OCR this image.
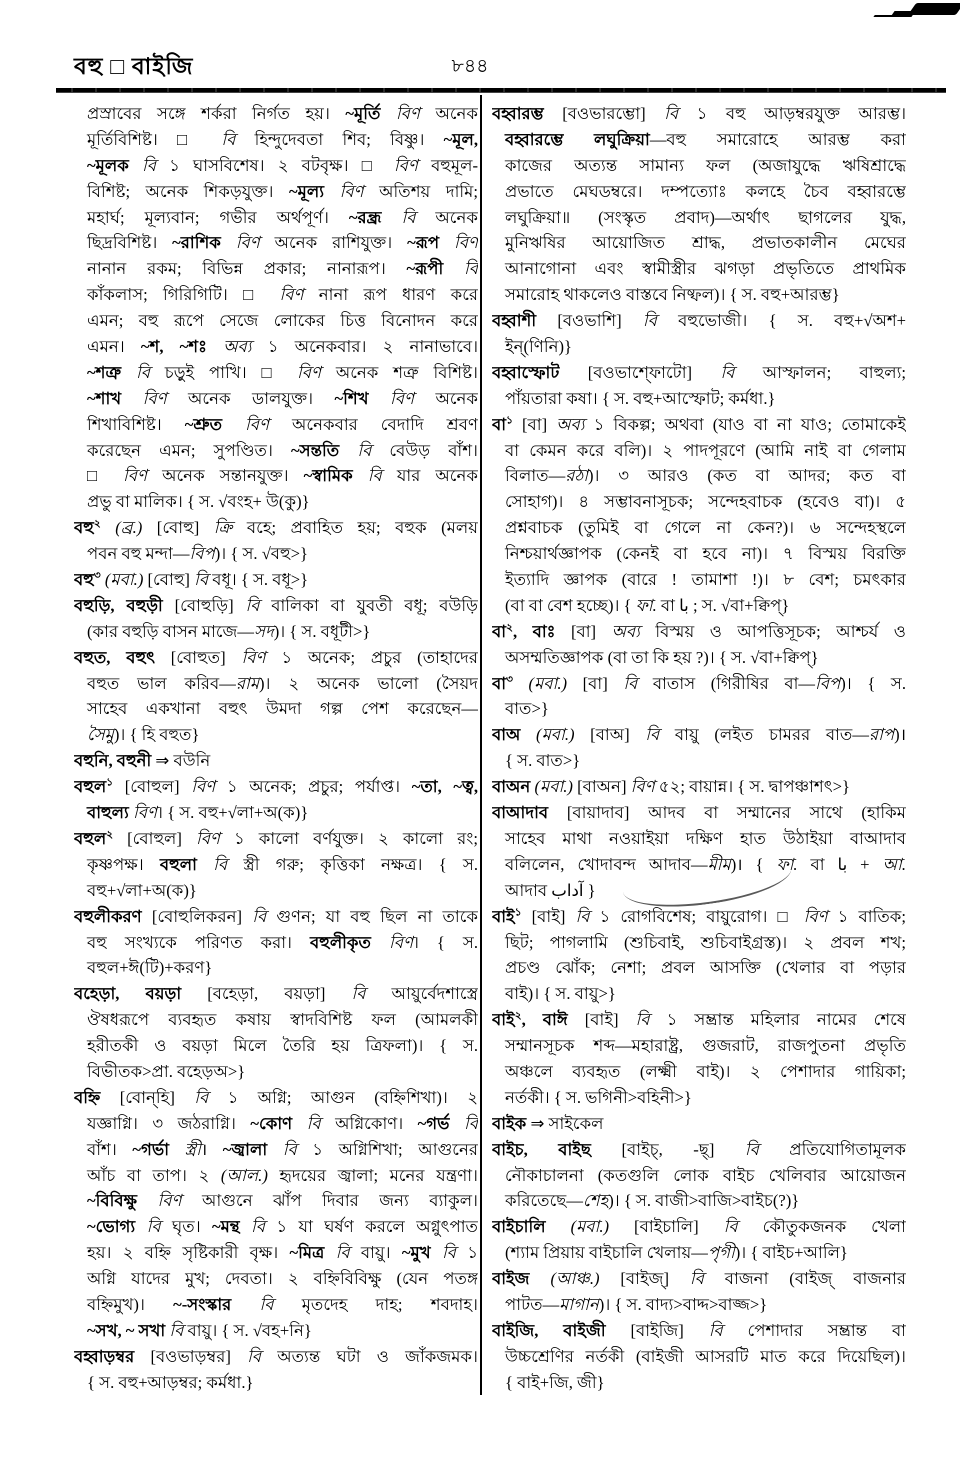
বহু □ বাইজি	৮৪৪
প্রস্রাবের সঙ্গে শর্করা নির্গত হয়। ~মূর্তি বিণ অনেক
মূর্তিবিশিষ্ট। □ বি হিন্দুদেবতা শিব; বিষ্ণু। ~মূল,
~মূলক বি ১ ঘাসবিশেষ। ২ বটবৃক্ষ। □ বিণ বহুমূল-
বিশিষ্ট; অনেক শিকড়যুক্ত। ~মূল্য বিণ অতিশয় দামি;
মহার্ঘ; মূল্যবান; গভীর অর্থপূর্ণ। ~রন্ধ্র বি অনেক
ছিদ্রবিশিষ্ট। ~রাশিক বিণ অনেক রাশিযুক্ত। ~রূপ বিণ
নানান রকম; বিভিন্ন প্রকার; নানারূপ। ~রূপী বি
কাঁকলাস; গিরিগিটি। □ বিণ নানা রূপ ধারণ করে
এমন; বহু রূপে সেজে লোকের চিত্ত বিনোদন করে
এমন। ~শ, ~শঃ অব্য ১ অনেকবার। ২ নানাভাবে।
~শত্রু বি চড়ুই পাখি। □ বিণ অনেক শত্রু বিশিষ্ট।
~শাখ বিণ অনেক ডালযুক্ত। ~শিখ বিণ অনেক
শিখাবিশিষ্ট। ~শ্রুত বিণ অনেকবার বেদাদি শ্রবণ
করেছেন এমন; সুপণ্ডিত। ~সন্ততি বি বেউড় বাঁশ।
□ বিণ অনেক সন্তানযুক্ত। ~স্বামিক বি যার অনেক
প্রভু বা মালিক। { স. √বংহ+ উ(কু)}
বহু$^২$ (ব্র.) [বোহু] ক্রি বহে; প্রবাহিত হয়; বহুক (মলয়
পবন বহু মন্দা—বিপ)। { স. √বহু>}
বহু$^৩$ (মবা.) [বোহু] বি বধূ। { স. বধূ>}
বহুড়ি, বহুড়ী [বোহুড়ি] বি বালিকা বা যুবতী বধূ; বউড়ি
(কার বহুড়ি বাসন মাজে—সদ)। { স. বধূটী>}
বহুত, বহুৎ [বোহুত] বিণ ১ অনেক; প্রচুর (তাহাদের
বহুত ভাল করিব—রাম)। ২ অনেক ভালো (সৈয়দ
সাহেব একখানা বহুৎ উমদা গল্প পেশ করেছেন—
সৈমু)। { হি বহুত}
বহুনি, বহুনী ⇒ বউনি
বহুল$^১$ [বোহুল] বিণ ১ অনেক; প্রচুর; পর্যাপ্ত। ~তা, ~ত্ব,
বাহুল্য বিণ। { স. বহু+√লা+অ(ক)}
বহুল$^২$ [বোহুল] বিণ ১ কালো বর্ণযুক্ত। ২ কালো রং;
কৃষ্ণপক্ষ। বহুলা বি স্ত্রী গরু; কৃত্তিকা নক্ষত্র। { স.
বহু+√লা+অ(ক)}
বহুলীকরণ [বোহুলিকরন] বি গুণন; যা বহু ছিল না তাকে
বহু সংখ্যকে পরিণত করা। বহুলীকৃত বিণ। { স.
বহুল+ঈ(টি)+করণ}
বহেড়া, বয়ড়া [বহেড়া, বয়ড়া] বি আয়ুর্বেদশাস্ত্রে
ঔষধরূপে ব্যবহৃত কষায় স্বাদবিশিষ্ট ফল (আমলকী
হরীতকী ও বয়ড়া মিলে তৈরি হয় ত্রিফলা)। { স.
বিভীতক>প্রা. বহেড়অ>}
বহ্নি [বোন্‌হি] বি ১ অগ্নি; আগুন (বহ্নিশিখা)। ২
যজ্ঞাগ্নি। ৩ জঠরাগ্নি। ~কোণ বি অগ্নিকোণ। ~গর্ভ বি
বাঁশ। ~গর্ভা স্ত্রী। ~জ্বালা বি ১ অগ্নিশিখা; আগুনের
আঁচ বা তাপ। ২ (আল.) হৃদয়ের জ্বালা; মনের যন্ত্রণা।
~বিবিক্ষু বিণ আগুনে ঝাঁপ দিবার জন্য ব্যাকুল।
~ভোগ্য বি ঘৃত। ~মন্থ বি ১ যা ঘর্ষণ করলে অগ্নুৎপাত
হয়। ২ বহ্নি সৃষ্টিকারী বৃক্ষ। ~মিত্র বি বায়ু। ~মুখ বি ১
অগ্নি যাদের মুখ; দেবতা। ২ বহ্নিবিবিক্ষু (যেন পতঙ্গ
বহ্নিমুখ)। ~-সংস্কার বি মৃতদেহ দাহ; শবদাহ।
~সখ, ~ সখা বি বায়ু। { স. √বহ+নি}
বহ্বাড়ম্বর [বওভাড়ম্বর] বি অত্যন্ত ঘটা ও জাঁকজমক।
{ স. বহু+আড়ম্বর; কর্মধা.}
বহ্বারম্ভ [বওভারম্ভো] বি ১ বহু আড়ম্বরযুক্ত আরম্ভ।
বহ্বারম্ভে লঘুক্রিয়া—বহু সমারোহে আরম্ভ করা
কাজের অত্যন্ত সামান্য ফল (অজাযুদ্ধে ঋষিশ্রাদ্ধে
প্রভাতে মেঘডম্বরে। দম্পত্যোঃ কলহে চৈব বহ্বারম্ভে
লঘুক্রিয়া॥ (সংস্কৃত প্রবাদ)—অর্থাৎ ছাগলের যুদ্ধ,
মুনিঋষির আয়োজিত শ্রাদ্ধ, প্রভাতকালীন মেঘের
আনাগোনা এবং স্বামীস্ত্রীর ঝগড়া প্রভৃতিতে প্রাথমিক
সমারোহ থাকলেও বাস্তবে নিষ্ফল)। { স. বহু+আরম্ভ}
বহ্বাশী [বওভাশি] বি বহুভোজী। { স. বহু+√অশ+
ইন্(ণিনি)}
বহ্বাস্ফোট [বওভাশ্ফোটো] বি আস্ফালন; বাহুল্য;
পাঁয়তারা কষা। { স. বহু+আস্ফোট; কর্মধা.}
বা$^১$ [বা] অব্য ১ বিকল্প; অথবা (যাও বা না যাও; তোমাকেই
বা কেমন করে বলি)। ২ পাদপূরণে (আমি নাই বা গেলাম
বিলাত—রঠা)। ৩ আরও (কত বা আদর; কত বা
সোহাগ)। ৪ সম্ভাবনাসূচক; সন্দেহবাচক (হবেও বা)। ৫
প্রশ্নবাচক (তুমিই বা গেলে না কেন?)। ৬ সন্দেহস্থলে
নিশ্চয়ার্থজ্ঞাপক (কেনই বা হবে না)। ৭ বিস্ময় বিরক্তি
ইত্যাদি জ্ঞাপক (বারে ! তামাশা !)। ৮ বেশ; চমৎকার
(বা বা বেশ হচ্ছে)। { ফা. বা با ; স. √বা+ক্বিপ্}
বা$^২$, বাঃ [বা] অব্য বিস্ময় ও আপত্তিসূচক; আশ্চর্য ও
অসম্মতিজ্ঞাপক (বা তা কি হয় ?)। { স. √বা+ক্বিপ্}
বা$^৩$ (মবা.) [বা] বি বাতাস (গিরীষির বা—বিপ)। { স.
বাত>}
বাঅ (মবা.) [বাঅ] বি বায়ু (লইত চামরর বাত—রাপ)।
{ স. বাত>}
বাঅন (মবা.) [বাঅন] বিণ ৫২; বায়ান্ন। { স. দ্বাপঞ্চাশৎ>}
বাআদাব [বায়াদাব] আদব বা সম্মানের সাথে (হাকিম
সাহেব মাথা নওয়াইয়া দক্ষিণ হাত উঠাইয়া বাআদাব
বলিলেন, খোদাবন্দ আদাব—মীম)। { ফা. বা با + আ.
আদাব آداب }
বাই$^১$ [বাই] বি ১ রোগবিশেষ; বায়ুরোগ। □ বিণ ১ বাতিক;
ছিট; পাগলামি (শুচিবাই, শুচিবাইগ্রস্ত)। ২ প্রবল শখ;
প্রচণ্ড ঝোঁক; নেশা; প্রবল আসক্তি (খেলার বা পড়ার
বাই)। { স. বায়ু>}
বাই$^২$, বাঈ [বাই] বি ১ সম্ভ্রান্ত মহিলার নামের শেষে
সম্মানসূচক শব্দ—মহারাষ্ট্র, গুজরাট, রাজপুতনা প্রভৃতি
অঞ্চলে ব্যবহৃত (লক্ষ্মী বাই)। ২ পেশাদার গায়িকা;
নর্তকী। { স. ভগিনী>বহিনী>}
বাইক ⇒ সাইকেল
বাইচ, বাইছ [বাইচ্, -ছ্] বি প্রতিযোগিতামূলক
নৌকাচালনা (কতগুলি লোক বাইচ খেলিবার আয়োজন
করিতেছে—শেহ)। { স. বাজী>বাজি>বাইচ(?)}
বাইচালি (মবা.) [বাইচালি] বি কৌতুকজনক খেলা
(শ্যাম প্রিয়ায় বাইচালি খেলায়—পৃগী)। { বাইচ+আলি}
বাইজ (আঞ্চ.) [বাইজ্] বি বাজনা (বাইজ্ বাজনার
পাটত—মাগান)। { স. বাদ্য>বাদ্দ>বাজ্জ>}
বাইজি, বাইজী [বাইজি] বি পেশাদার সম্ভ্রান্ত বা
উচ্চশ্রেণির নর্তকী (বাইজী আসরটি মাত করে দিয়েছিল)।
{ বাই+জি, জী}
